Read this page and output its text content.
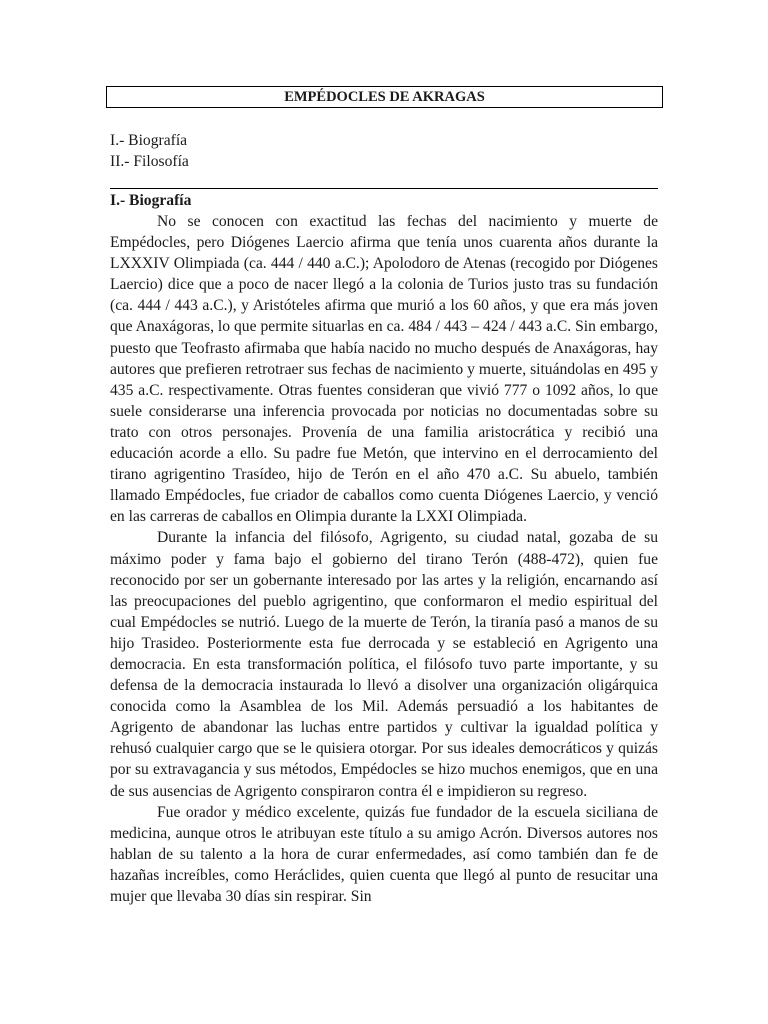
EMPÉDOCLES DE AKRAGAS
I.- Biografía
II.- Filosofía
I.- Biografía

No se conocen con exactitud las fechas del nacimiento y muerte de Empédocles, pero Diógenes Laercio afirma que tenía unos cuarenta años durante la LXXXIV Olimpiada (ca. 444 / 440 a.C.); Apolodoro de Atenas (recogido por Diógenes Laercio) dice que a poco de nacer llegó a la colonia de Turios justo tras su fundación (ca. 444 / 443 a.C.), y Aristóteles afirma que murió a los 60 años, y que era más joven que Anaxágoras, lo que permite situarlas en ca. 484 / 443 – 424 / 443 a.C. Sin embargo, puesto que Teofrasto afirmaba que había nacido no mucho después de Anaxágoras, hay autores que prefieren retrotraer sus fechas de nacimiento y muerte, situándolas en 495 y 435 a.C. respectivamente. Otras fuentes consideran que vivió 777 o 1092 años, lo que suele considerarse una inferencia provocada por noticias no documentadas sobre su trato con otros personajes. Provenía de una familia aristocrática y recibió una educación acorde a ello. Su padre fue Metón, que intervino en el derrocamiento del tirano agrigentino Trasídeo, hijo de Terón en el año 470 a.C. Su abuelo, también llamado Empédocles, fue criador de caballos como cuenta Diógenes Laercio, y venció en las carreras de caballos en Olimpia durante la LXXI Olimpiada.

Durante la infancia del filósofo, Agrigento, su ciudad natal, gozaba de su máximo poder y fama bajo el gobierno del tirano Terón (488-472), quien fue reconocido por ser un gobernante interesado por las artes y la religión, encarnando así las preocupaciones del pueblo agrigentino, que conformaron el medio espiritual del cual Empédocles se nutrió. Luego de la muerte de Terón, la tiranía pasó a manos de su hijo Trasideo. Posteriormente esta fue derrocada y se estableció en Agrigento una democracia. En esta transformación política, el filósofo tuvo parte importante, y su defensa de la democracia instaurada lo llevó a disolver una organización oligárquica conocida como la Asamblea de los Mil. Además persuadió a los habitantes de Agrigento de abandonar las luchas entre partidos y cultivar la igualdad política y rehusó cualquier cargo que se le quisiera otorgar. Por sus ideales democráticos y quizás por su extravagancia y sus métodos, Empédocles se hizo muchos enemigos, que en una de sus ausencias de Agrigento conspiraron contra él e impidieron su regreso.

Fue orador y médico excelente, quizás fue fundador de la escuela siciliana de medicina, aunque otros le atribuyan este título a su amigo Acrón. Diversos autores nos hablan de su talento a la hora de curar enfermedades, así como también dan fe de hazañas increíbles, como Heráclides, quien cuenta que llegó al punto de resucitar una mujer que llevaba 30 días sin respirar. Sin
